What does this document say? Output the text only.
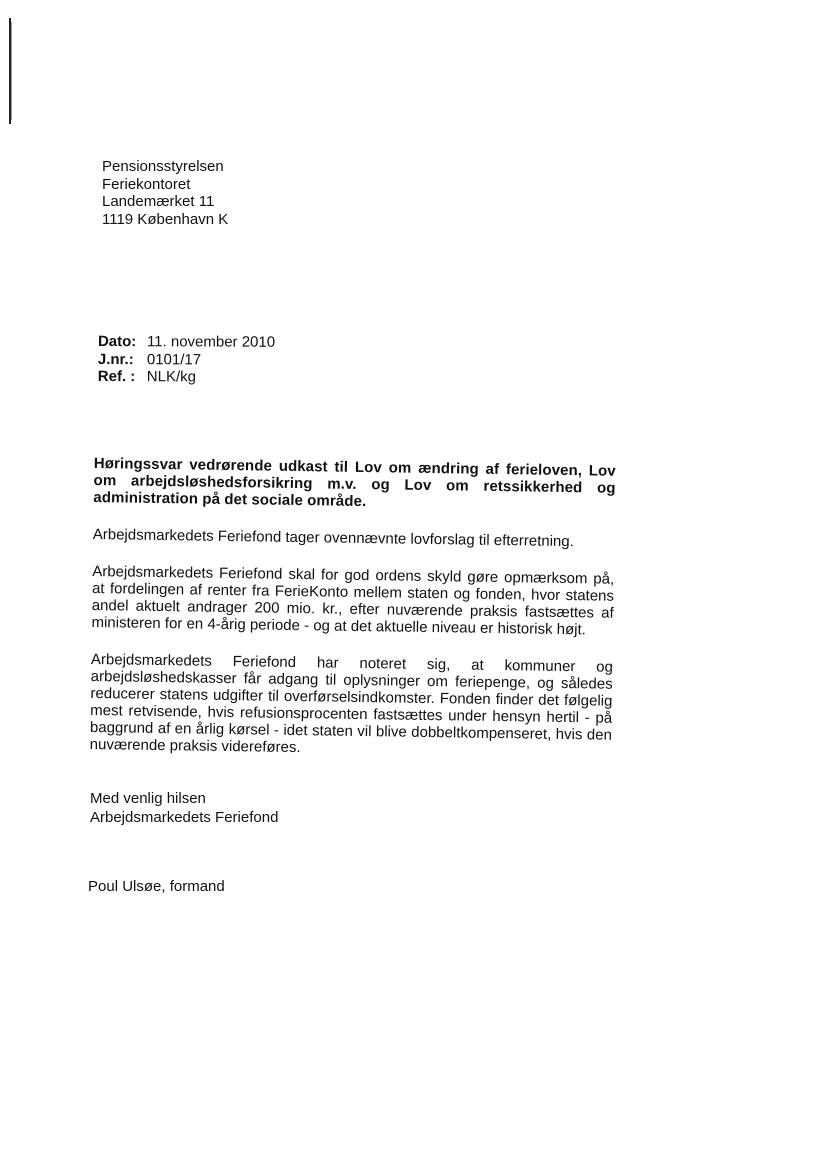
Pensionsstyrelsen
Feriekontoret
Landemærket 11
1119 København K
Dato: 11. november 2010
J.nr.: 0101/17
Ref. : NLK/kg

Høringssvar vedrørende udkast til Lov om ændring af ferieloven, Lov om arbejdsløshedsforsikring m.v. og Lov om retssikkerhed og administration på det sociale område.

Arbejdsmarkedets Feriefond tager ovennævnte lovforslag til efterretning.

Arbejdsmarkedets Feriefond skal for god ordens skyld gøre opmærksom på, at fordelingen af renter fra FerieKonto mellem staten og fonden, hvor statens andel aktuelt andrager 200 mio. kr., efter nuværende praksis fastsættes af ministeren for en 4-årig periode - og at det aktuelle niveau er historisk højt.

Arbejdsmarkedets Feriefond har noteret sig, at kommuner og arbejdsløshedskasser får adgang til oplysninger om feriepenge, og således reducerer statens udgifter til overførselsindkomster. Fonden finder det følgelig mest retvisende, hvis refusionsprocenten fastsættes under hensyn hertil - på baggrund af en årlig kørsel - idet staten vil blive dobbeltkompenseret, hvis den nuværende praksis videreføres.

Med venlig hilsen
Arbejdsmarkedets Feriefond
Poul Ulsøe, formand
